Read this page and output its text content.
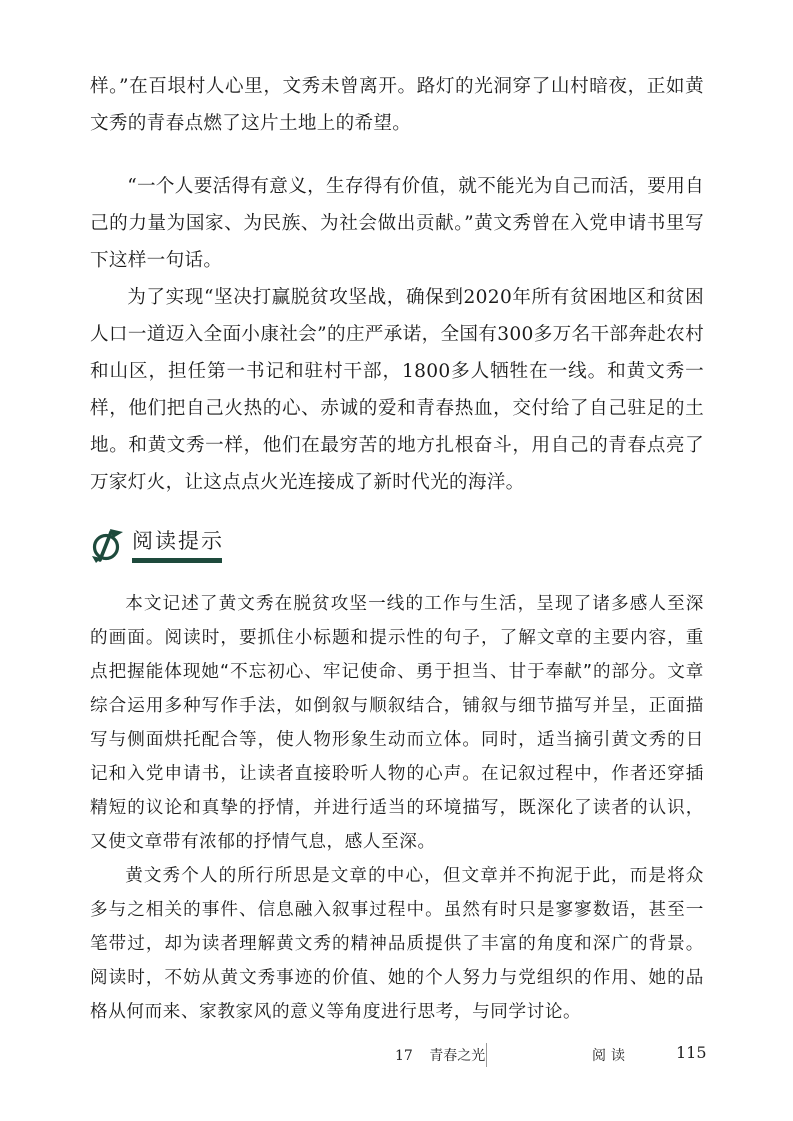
样。”在百垠村人心里，文秀未曾离开。路灯的光洞穿了山村暗夜，正如黄文秀的青春点燃了这片土地上的希望。

“一个人要活得有意义，生存得有价值，就不能光为自己而活，要用自己的力量为国家、为民族、为社会做出贡献。”黄文秀曾在入党申请书里写下这样一句话。

为了实现“坚决打赢脱贫攻坚战，确保到2020年所有贫困地区和贫困人口一道迈入全面小康社会”的庄严承诺，全国有300多万名干部奔赴农村和山区，担任第一书记和驻村干部，1800多人牺牲在一线。和黄文秀一样，他们把自己火热的心、赤诚的爱和青春热血，交付给了自己驻足的土地。和黄文秀一样，他们在最穷苦的地方扎根奋斗，用自己的青春点亮了万家灯火，让这点点火光连接成了新时代光的海洋。

阅读提示

本文记述了黄文秀在脱贫攻坚一线的工作与生活，呈现了诸多感人至深的画面。阅读时，要抓住小标题和提示性的句子，了解文章的主要内容，重点把握能体现她“不忘初心、牢记使命、勇于担当、甘于奉献”的部分。文章综合运用多种写作手法，如倒叙与顺叙结合，铺叙与细节描写并呈，正面描写与侧面烘托配合等，使人物形象生动而立体。同时，适当摘引黄文秀的日记和入党申请书，让读者直接聆听人物的心声。在记叙过程中，作者还穿插精短的议论和真挚的抒情，并进行适当的环境描写，既深化了读者的认识，又使文章带有浓郁的抒情气息，感人至深。

黄文秀个人的所行所思是文章的中心，但文章并不拘泥于此，而是将众多与之相关的事件、信息融入叙事过程中。虽然有时只是寥寥数语，甚至一笔带过，却为读者理解黄文秀的精神品质提供了丰富的角度和深广的背景。阅读时，不妨从黄文秀事迹的价值、她的个人努力与党组织的作用、她的品格从何而来、家教家风的意义等角度进行思考，与同学讨论。

17 青春之光	阅读	115
